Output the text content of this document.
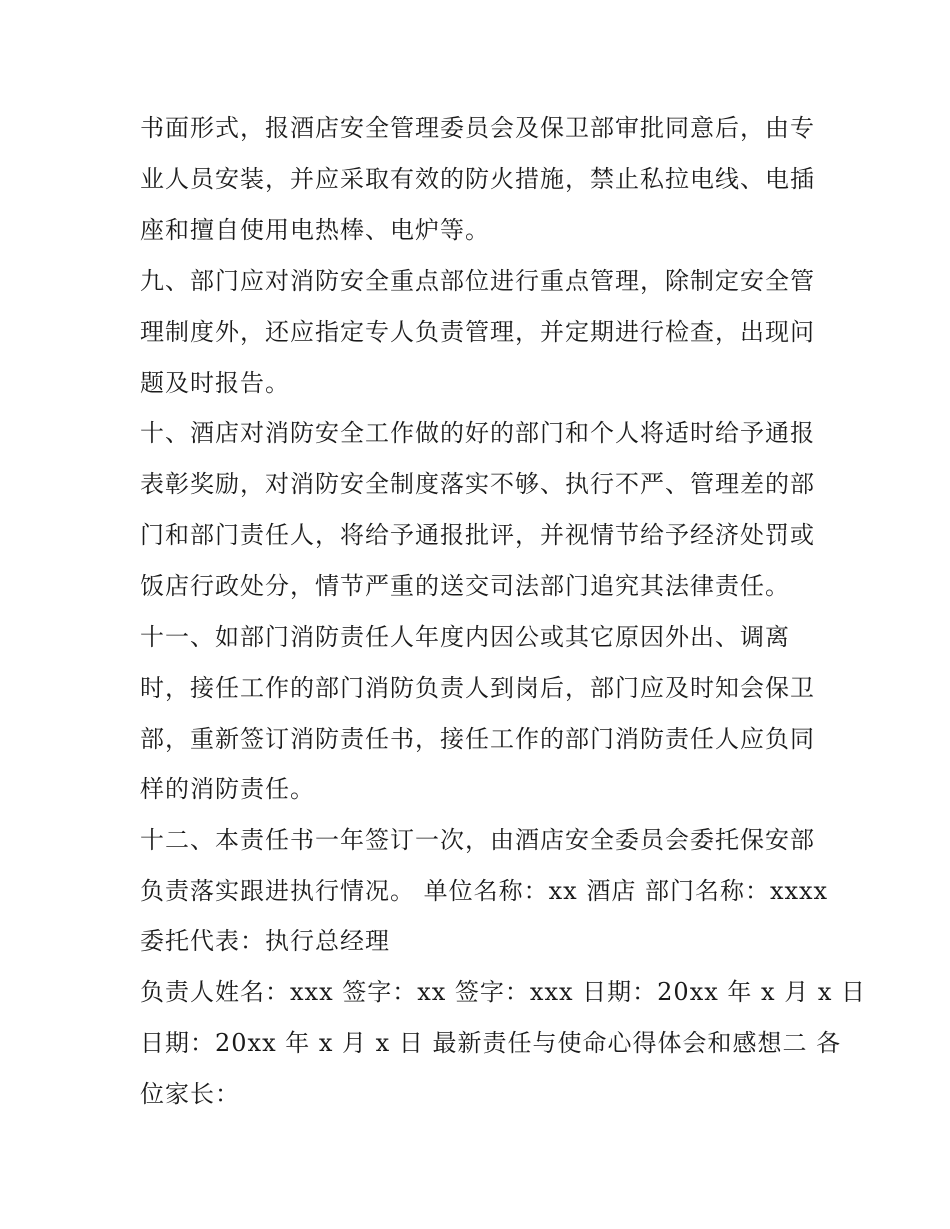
书面形式，报酒店安全管理委员会及保卫部审批同意后，由专
业人员安装，并应采取有效的防火措施，禁止私拉电线、电插
座和擅自使用电热棒、电炉等。
九、部门应对消防安全重点部位进行重点管理，除制定安全管
理制度外，还应指定专人负责管理，并定期进行检查，出现问
题及时报告。
十、酒店对消防安全工作做的好的部门和个人将适时给予通报
表彰奖励，对消防安全制度落实不够、执行不严、管理差的部
门和部门责任人，将给予通报批评，并视情节给予经济处罚或
饭店行政处分，情节严重的送交司法部门追究其法律责任。
十一、如部门消防责任人年度内因公或其它原因外出、调离
时，接任工作的部门消防负责人到岗后，部门应及时知会保卫
部，重新签订消防责任书，接任工作的部门消防责任人应负同
样的消防责任。
十二、本责任书一年签订一次，由酒店安全委员会委托保安部
负责落实跟进执行情况。 单位名称：xx 酒店 部门名称：xxxx
委托代表：执行总经理
负责人姓名：xxx 签字：xx 签字：xxx 日期：20xx 年 x 月 x 日
日期：20xx 年 x 月 x 日 最新责任与使命心得体会和感想二 各
位家长：
